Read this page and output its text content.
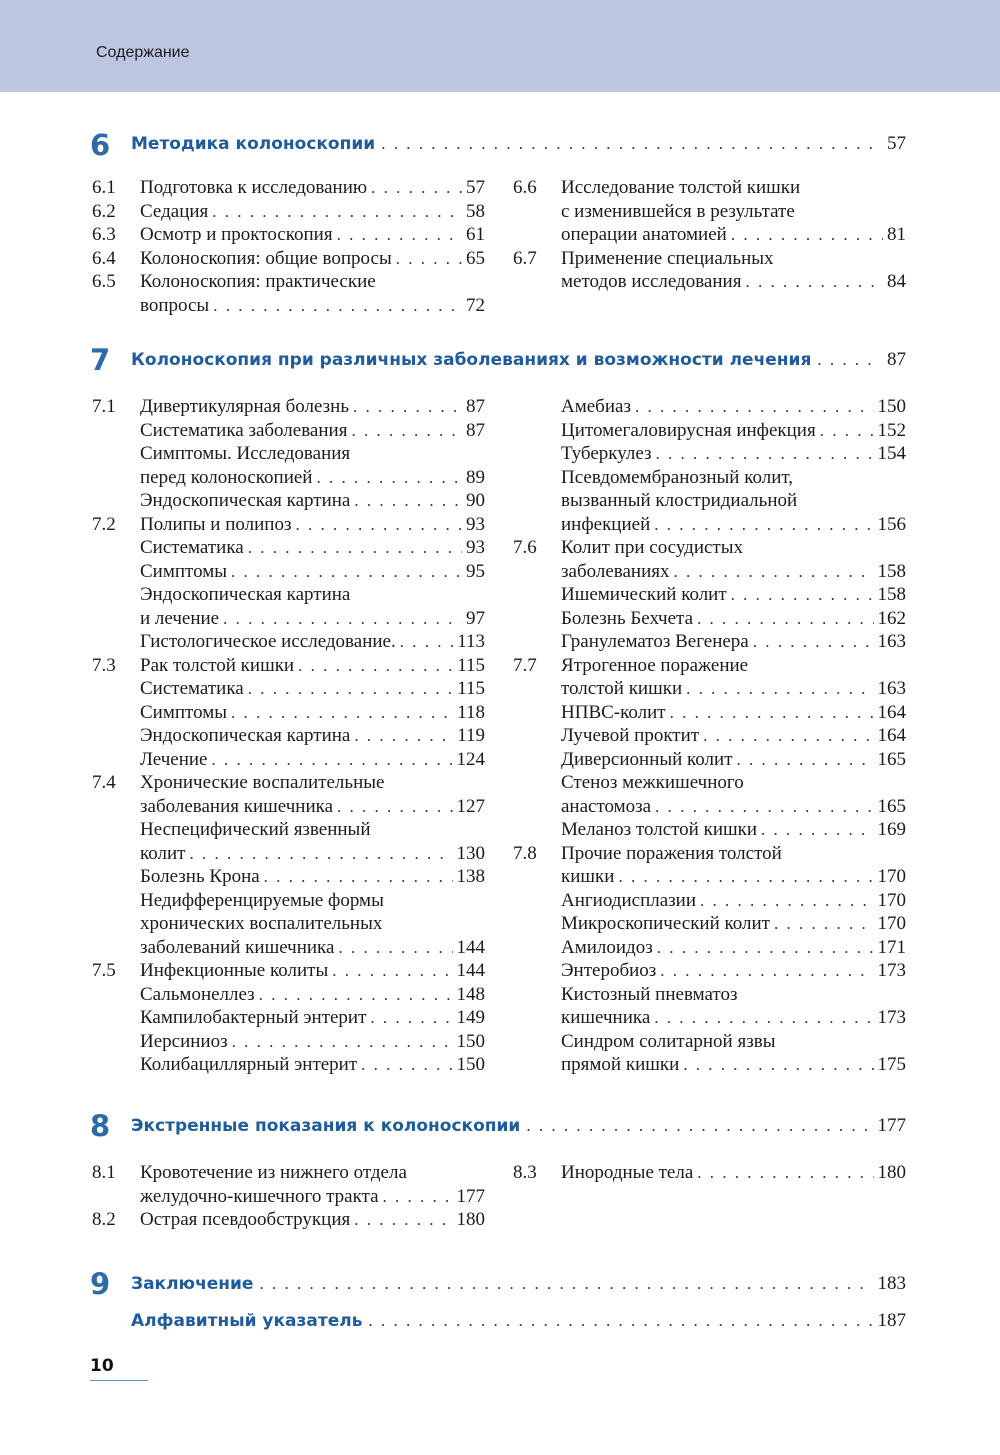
Содержание
6 Методика колоноскопии . . .	57
6.1 Подготовка к исследованию . . .	57
6.2 Седация . . .	58
6.3 Осмотр и проктоскопия . . .	61
6.4 Колоноскопия: общие вопросы . . .	65
6.5 Колоноскопия: практические
вопросы . . .	72
6.6 Исследование толстой кишки
с изменившейся в результате
операции анатомией . . .	81
6.7 Применение специальных
методов исследования . . .	84
7 Колоноскопия при различных заболеваниях и возможности лечения . . .	87
7.1 Дивертикулярная болезнь . . .	87
Систематика заболевания . . .	87
Симптомы. Исследования
перед колоноскопией . . .	89
Эндоскопическая картина . . .	90
7.2 Полипы и полипоз . . .	93
Систематика . . .	93
Симптомы . . .	95
Эндоскопическая картина
и лечение . . .	97
Гистологическое исследование. . . .	113
7.3 Рак толстой кишки . . .	115
Систематика . . .	115
Симптомы . . .	118
Эндоскопическая картина . . .	119
Лечение . . .	124
7.4 Хронические воспалительные
заболевания кишечника . . .	127
Неспецифический язвенный
колит . . .	130
Болезнь Крона . . .	138
Недифференцируемые формы
хронических воспалительных
заболеваний кишечника . . .	144
7.5 Инфекционные колиты . . .	144
Сальмонеллез . . .	148
Кампилобактерный энтерит . . .	149
Иерсиниоз . . .	150
Колибациллярный энтерит . . .	150
Амебиаз . . .	150
Цитомегаловирусная инфекция . . .	152
Туберкулез . . .	154
Псевдомембранозный колит,
вызванный клостридиальной
инфекцией . . .	156
7.6 Колит при сосудистых
заболеваниях . . .	158
Ишемический колит . . .	158
Болезнь Бехчета . . .	162
Гранулематоз Вегенера . . .	163
7.7 Ятрогенное поражение
толстой кишки . . .	163
НПВС-колит . . .	164
Лучевой проктит . . .	164
Диверсионный колит . . .	165
Стеноз межкишечного
анастомоза . . .	165
Меланоз толстой кишки . . .	169
7.8 Прочие поражения толстой
кишки . . .	170
Ангиодисплазии . . .	170
Микроскопический колит . . .	170
Амилоидоз . . .	171
Энтеробиоз . . .	173
Кистозный пневматоз
кишечника . . .	173
Синдром солитарной язвы
прямой кишки . . .	175
8 Экстренные показания к колоноскопии . . .	177
8.1 Кровотечение из нижнего отдела
желудочно-кишечного тракта . . .	177
8.2 Острая псевдообструкция . . .	180
8.3 Инородные тела . . .	180
9 Заключение . . .	183
Алфавитный указатель . . .	187
10
